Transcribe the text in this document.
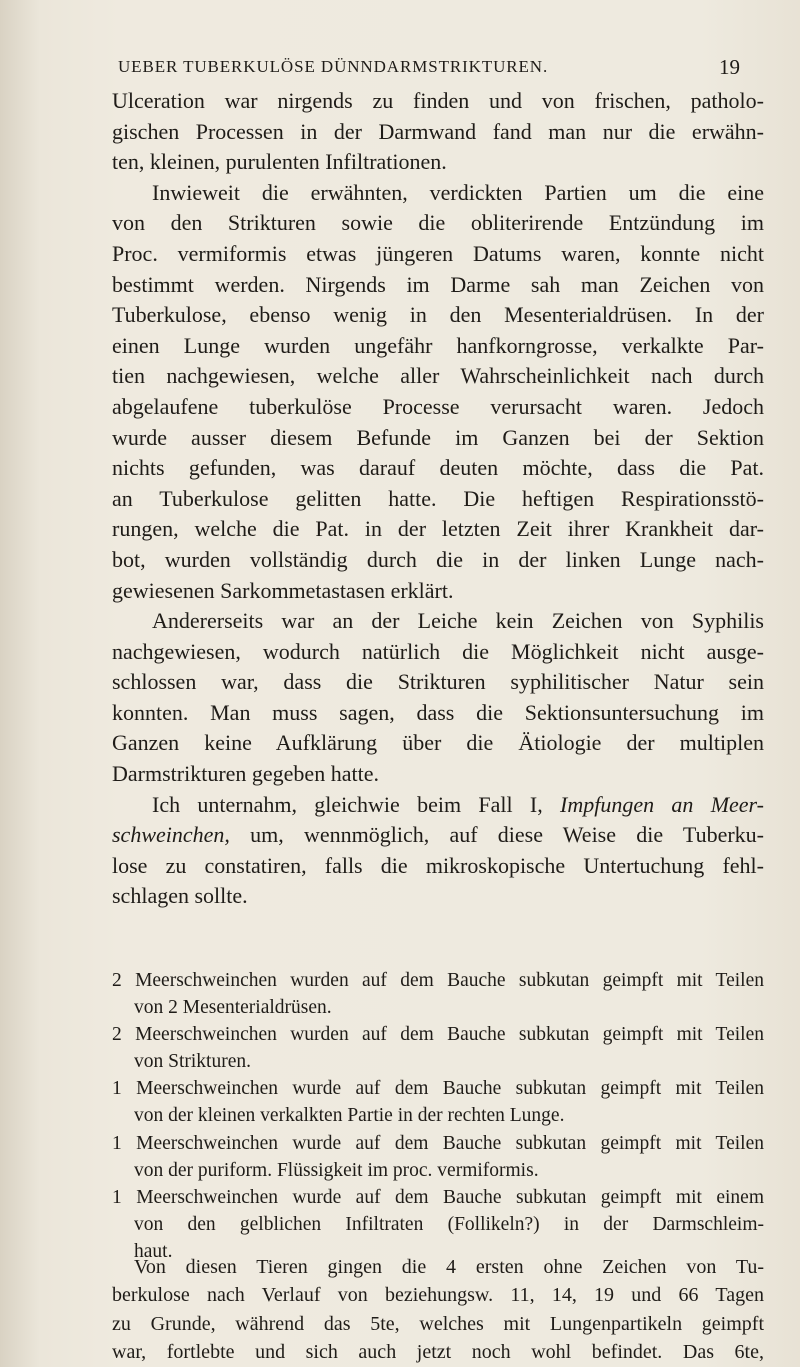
UEBER TUBERKULÖSE DÜNNDARMSTRIKTUREN.	19
Ulceration war nirgends zu finden und von frischen, patholo-
gischen Processen in der Darmwand fand man nur die erwähn-
ten, kleinen, purulenten Infiltrationen.
Inwieweit die erwähnten, verdickten Partien um die eine
von den Strikturen sowie die obliterirende Entzündung im
Proc. vermiformis etwas jüngeren Datums waren, konnte nicht
bestimmt werden. Nirgends im Darme sah man Zeichen von
Tuberkulose, ebenso wenig in den Mesenterialdrüsen. In der
einen Lunge wurden ungefähr hanfkorngrosse, verkalkte Par-
tien nachgewiesen, welche aller Wahrscheinlichkeit nach durch
abgelaufene tuberkulöse Processe verursacht waren. Jedoch
wurde ausser diesem Befunde im Ganzen bei der Sektion
nichts gefunden, was darauf deuten möchte, dass die Pat.
an Tuberkulose gelitten hatte. Die heftigen Respirationsstö-
rungen, welche die Pat. in der letzten Zeit ihrer Krankheit dar-
bot, wurden vollständig durch die in der linken Lunge nach-
gewiesenen Sarkommetastasen erklärt.
Andererseits war an der Leiche kein Zeichen von Syphilis
nachgewiesen, wodurch natürlich die Möglichkeit nicht ausge-
schlossen war, dass die Strikturen syphilitischer Natur sein
konnten. Man muss sagen, dass die Sektionsuntersuchung im
Ganzen keine Aufklärung über die Ätiologie der multiplen
Darmstrikturen gegeben hatte.
Ich unternahm, gleichwie beim Fall I, Impfungen an Meer-
schweinchen, um, wennmöglich, auf diese Weise die Tuberku-
lose zu constatiren, falls die mikroskopische Untertuchung fehl-
schlagen sollte.
2 Meerschweinchen wurden auf dem Bauche subkutan geimpft mit Teilen
von 2 Mesenterialdrüsen.
2 Meerschweinchen wurden auf dem Bauche subkutan geimpft mit Teilen
von Strikturen.
1 Meerschweinchen wurde auf dem Bauche subkutan geimpft mit Teilen
von der kleinen verkalkten Partie in der rechten Lunge.
1 Meerschweinchen wurde auf dem Bauche subkutan geimpft mit Teilen
von der puriform. Flüssigkeit im proc. vermiformis.
1 Meerschweinchen wurde auf dem Bauche subkutan geimpft mit einem
von den gelblichen Infiltraten (Follikeln?) in der Darmschleim-
haut.
Von diesen Tieren gingen die 4 ersten ohne Zeichen von Tu-
berkulose nach Verlauf von beziehungsw. 11, 14, 19 und 66 Tagen
zu Grunde, während das 5te, welches mit Lungenpartikeln geimpft
war, fortlebte und sich auch jetzt noch wohl befindet. Das 6te,
